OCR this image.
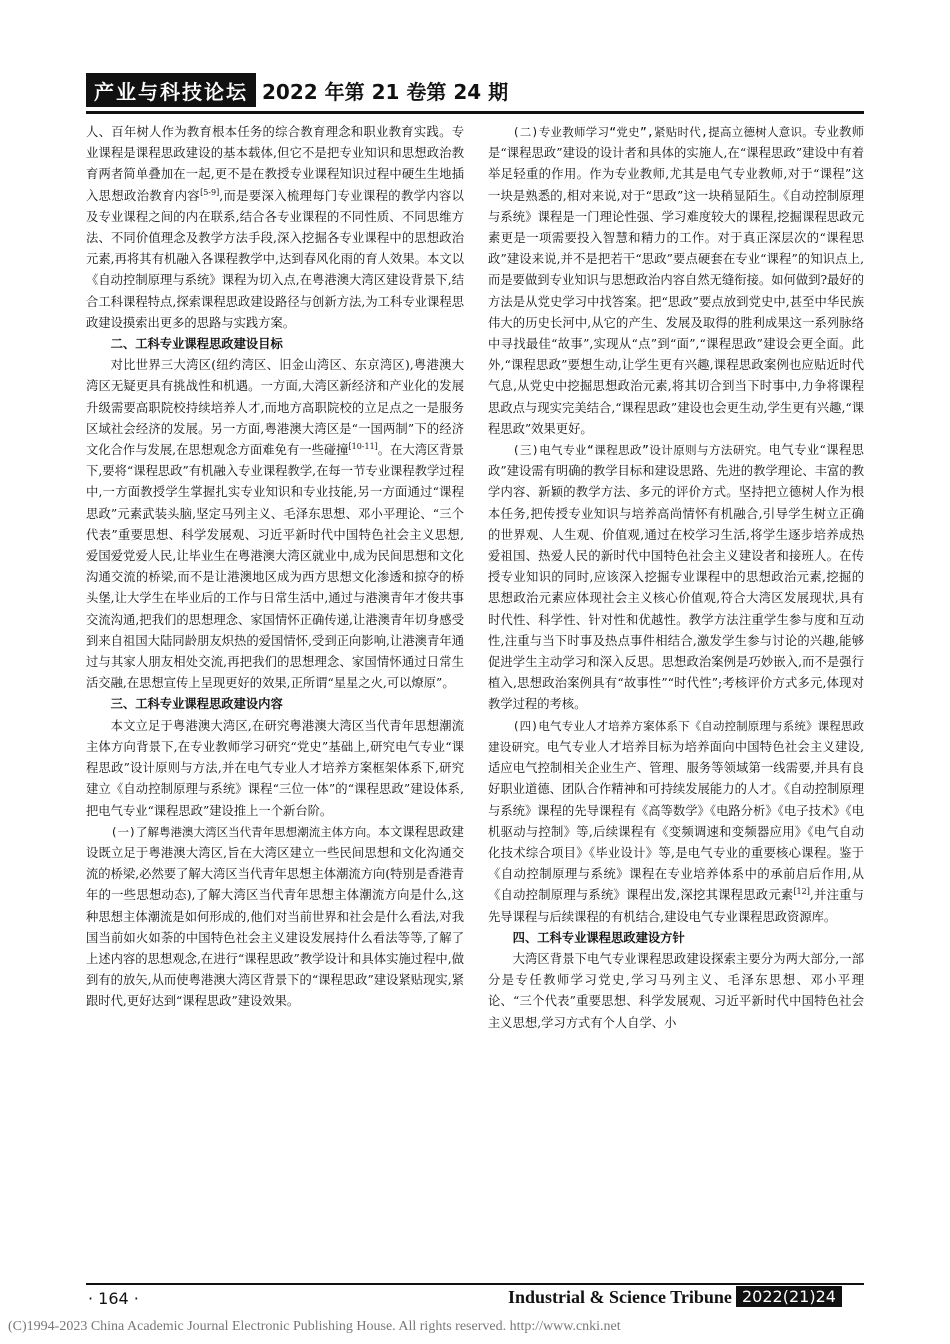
产业与科技论坛 2022 年第 21 卷第 24 期

人、百年树人作为教育根本任务的综合教育理念和职业教育实践。专业课程是课程思政建设的基本载体,但它不是把专业知识和思想政治教育两者简单叠加在一起,更不是在教授专业课程知识过程中硬生生地插入思想政治教育内容[5-9],而是要深入梳理每门专业课程的教学内容以及专业课程之间的内在联系,结合各专业课程的不同性质、不同思维方法、不同价值理念及教学方法手段,深入挖掘各专业课程中的思想政治元素,再将其有机融入各课程教学中,达到春风化雨的育人效果。本文以《自动控制原理与系统》课程为切入点,在粤港澳大湾区建设背景下,结合工科课程特点,探索课程思政建设路径与创新方法,为工科专业课程思政建设摸索出更多的思路与实践方案。

二、工科专业课程思政建设目标

对比世界三大湾区(纽约湾区、旧金山湾区、东京湾区),粤港澳大湾区无疑更具有挑战性和机遇。一方面,大湾区新经济和产业化的发展升级需要高职院校持续培养人才,而地方高职院校的立足点之一是服务区域社会经济的发展。另一方面,粤港澳大湾区是“一国两制”下的经济文化合作与发展,在思想观念方面难免有一些碰撞[10-11]。在大湾区背景下,要将“课程思政”有机融入专业课程教学,在每一节专业课程教学过程中,一方面教授学生掌握扎实专业知识和专业技能,另一方面通过“课程思政”元素武装头脑,坚定马列主义、毛泽东思想、邓小平理论、“三个代表”重要思想、科学发展观、习近平新时代中国特色社会主义思想,爱国爱党爱人民,让毕业生在粤港澳大湾区就业中,成为民间思想和文化沟通交流的桥梁,而不是让港澳地区成为西方思想文化渗透和掠夺的桥头堡,让大学生在毕业后的工作与日常生活中,通过与港澳青年才俊共事交流沟通,把我们的思想理念、家国情怀正确传递,让港澳青年切身感受到来自祖国大陆同龄朋友炽热的爱国情怀,受到正向影响,让港澳青年通过与其家人朋友相处交流,再把我们的思想理念、家国情怀通过日常生活交融,在思想宣传上呈现更好的效果,正所谓“星星之火,可以燎原”。

三、工科专业课程思政建设内容

本文立足于粤港澳大湾区,在研究粤港澳大湾区当代青年思想潮流主体方向背景下,在专业教师学习研究“党史”基础上,研究电气专业“课程思政”设计原则与方法,并在电气专业人才培养方案框架体系下,研究建立《自动控制原理与系统》课程“三位一体”的“课程思政”建设体系,把电气专业“课程思政”建设推上一个新台阶。

(一)了解粤港澳大湾区当代青年思想潮流主体方向。本文课程思政建设既立足于粤港澳大湾区,旨在大湾区建立一些民间思想和文化沟通交流的桥梁,必然要了解大湾区当代青年思想主体潮流方向(特别是香港青年的一些思想动态),了解大湾区当代青年思想主体潮流方向是什么,这种思想主体潮流是如何形成的,他们对当前世界和社会是什么看法,对我国当前如火如荼的中国特色社会主义建设发展持什么看法等等,了解了上述内容的思想观念,在进行“课程思政”教学设计和具体实施过程中,做到有的放矢,从而使粤港澳大湾区背景下的“课程思政”建设紧贴现实,紧跟时代,更好达到“课程思政”建设效果。

(二)专业教师学习“党史”,紧贴时代,提高立德树人意识。专业教师是“课程思政”建设的设计者和具体的实施人,在“课程思政”建设中有着举足轻重的作用。作为专业教师,尤其是电气专业教师,对于“课程”这一块是熟悉的,相对来说,对于“思政”这一块稍显陌生。《自动控制原理与系统》课程是一门理论性强、学习难度较大的课程,挖掘课程思政元素更是一项需要投入智慧和精力的工作。对于真正深层次的“课程思政”建设来说,并不是把若干“思政”要点硬套在专业“课程”的知识点上,而是要做到专业知识与思想政治内容自然无缝衔接。如何做到?最好的方法是从党史学习中找答案。把“思政”要点放到党史中,甚至中华民族伟大的历史长河中,从它的产生、发展及取得的胜利成果这一系列脉络中寻找最佳“故事”,实现从“点”到“面”,“课程思政”建设会更全面。此外,“课程思政”要想生动,让学生更有兴趣,课程思政案例也应贴近时代气息,从党史中挖掘思想政治元素,将其切合到当下时事中,力争将课程思政点与现实完美结合,“课程思政”建设也会更生动,学生更有兴趣,“课程思政”效果更好。

(三)电气专业“课程思政”设计原则与方法研究。电气专业“课程思政”建设需有明确的教学目标和建设思路、先进的教学理论、丰富的教学内容、新颖的教学方法、多元的评价方式。坚持把立德树人作为根本任务,把传授专业知识与培养高尚情怀有机融合,引导学生树立正确的世界观、人生观、价值观,通过在校学习生活,将学生逐步培养成热爱祖国、热爱人民的新时代中国特色社会主义建设者和接班人。在传授专业知识的同时,应该深入挖掘专业课程中的思想政治元素,挖掘的思想政治元素应体现社会主义核心价值观,符合大湾区发展现状,具有时代性、科学性、针对性和优越性。教学方法注重学生参与度和互动性,注重与当下时事及热点事件相结合,激发学生参与讨论的兴趣,能够促进学生主动学习和深入反思。思想政治案例是巧妙嵌入,而不是强行植入,思想政治案例具有“故事性”“时代性”;考核评价方式多元,体现对教学过程的考核。

(四)电气专业人才培养方案体系下《自动控制原理与系统》课程思政建设研究。电气专业人才培养目标为培养面向中国特色社会主义建设,适应电气控制相关企业生产、管理、服务等领域第一线需要,并具有良好职业道德、团队合作精神和可持续发展能力的人才。《自动控制原理与系统》课程的先导课程有《高等数学》《电路分析》《电子技术》《电机驱动与控制》等,后续课程有《变频调速和变频器应用》《电气自动化技术综合项目》《毕业设计》等,是电气专业的重要核心课程。鉴于《自动控制原理与系统》课程在专业培养体系中的承前启后作用,从《自动控制原理与系统》课程出发,深挖其课程思政元素[12],并注重与先导课程与后续课程的有机结合,建设电气专业课程思政资源库。

四、工科专业课程思政建设方针

大湾区背景下电气专业课程思政建设探索主要分为两大部分,一部分是专任教师学习党史,学习马列主义、毛泽东思想、邓小平理论、“三个代表”重要思想、科学发展观、习近平新时代中国特色社会主义思想,学习方式有个人自学、小

· 164 ·	Industrial & Science Tribune 2022(21)24
(C)1994-2023 China Academic Journal Electronic Publishing House. All rights reserved. http://www.cnki.net
